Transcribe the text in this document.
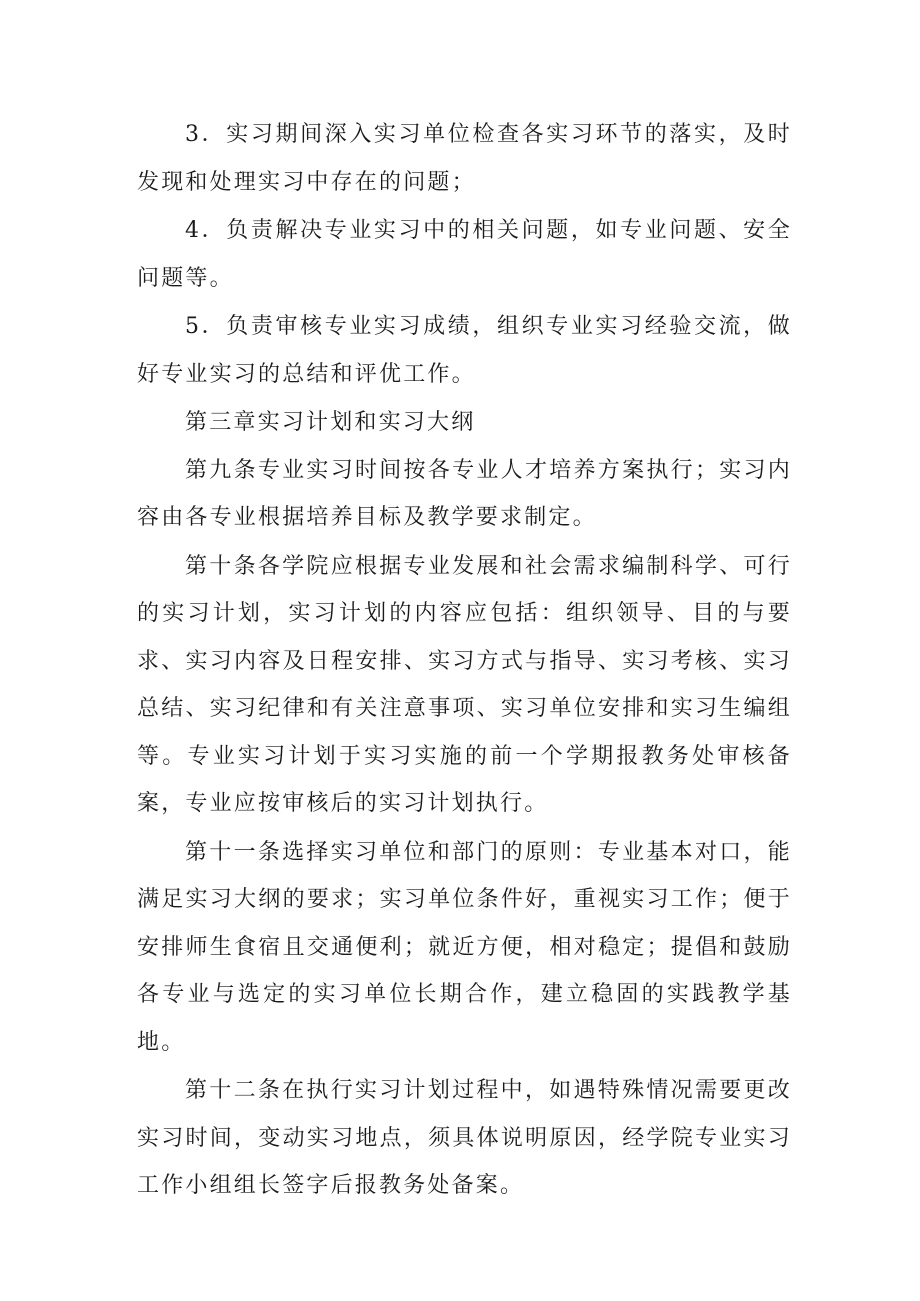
3．实习期间深入实习单位检查各实习环节的落实，及时发现和处理实习中存在的问题；

4．负责解决专业实习中的相关问题，如专业问题、安全问题等。

5．负责审核专业实习成绩，组织专业实习经验交流，做好专业实习的总结和评优工作。

第三章实习计划和实习大纲

第九条专业实习时间按各专业人才培养方案执行；实习内容由各专业根据培养目标及教学要求制定。

第十条各学院应根据专业发展和社会需求编制科学、可行的实习计划，实习计划的内容应包括：组织领导、目的与要求、实习内容及日程安排、实习方式与指导、实习考核、实习总结、实习纪律和有关注意事项、实习单位安排和实习生编组等。专业实习计划于实习实施的前一个学期报教务处审核备案，专业应按审核后的实习计划执行。

第十一条选择实习单位和部门的原则：专业基本对口，能满足实习大纲的要求；实习单位条件好，重视实习工作；便于安排师生食宿且交通便利；就近方便，相对稳定；提倡和鼓励各专业与选定的实习单位长期合作，建立稳固的实践教学基地。

第十二条在执行实习计划过程中，如遇特殊情况需要更改实习时间，变动实习地点，须具体说明原因，经学院专业实习工作小组组长签字后报教务处备案。
